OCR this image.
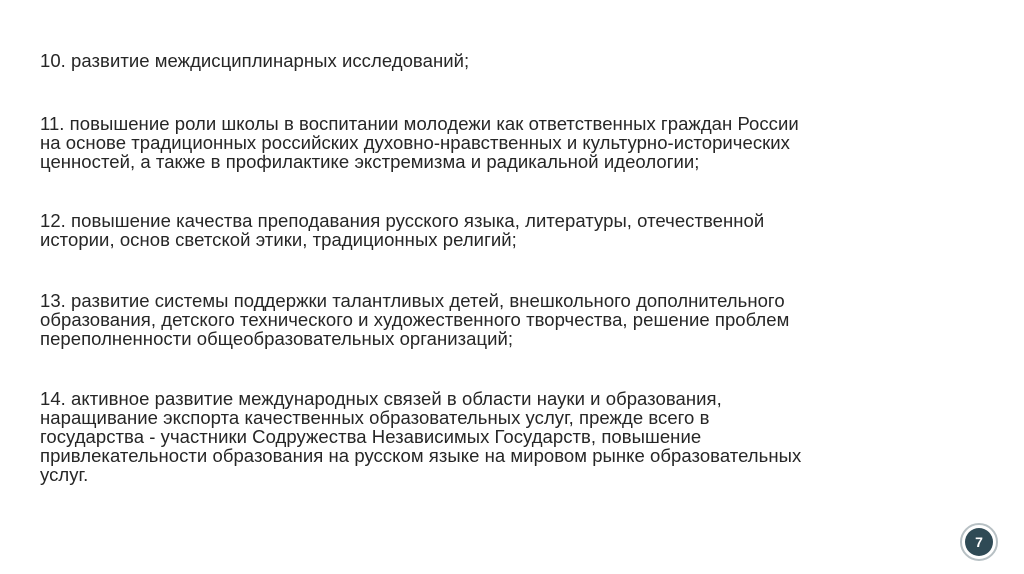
10. развитие междисциплинарных исследований;
11. повышение роли школы в воспитании молодежи как ответственных граждан России
на основе традиционных российских духовно-нравственных и культурно-исторических
ценностей, а также в профилактике экстремизма и радикальной идеологии;
12. повышение качества преподавания русского языка, литературы, отечественной
истории, основ светской этики, традиционных религий;
13. развитие системы поддержки талантливых детей, внешкольного дополнительного
образования, детского технического и художественного творчества, решение проблем
переполненности общеобразовательных организаций;
14. активное развитие международных связей в области науки и образования,
наращивание экспорта качественных образовательных услуг, прежде всего в
государства - участники Содружества Независимых Государств, повышение
привлекательности образования на русском языке на мировом рынке образовательных
услуг.
7
